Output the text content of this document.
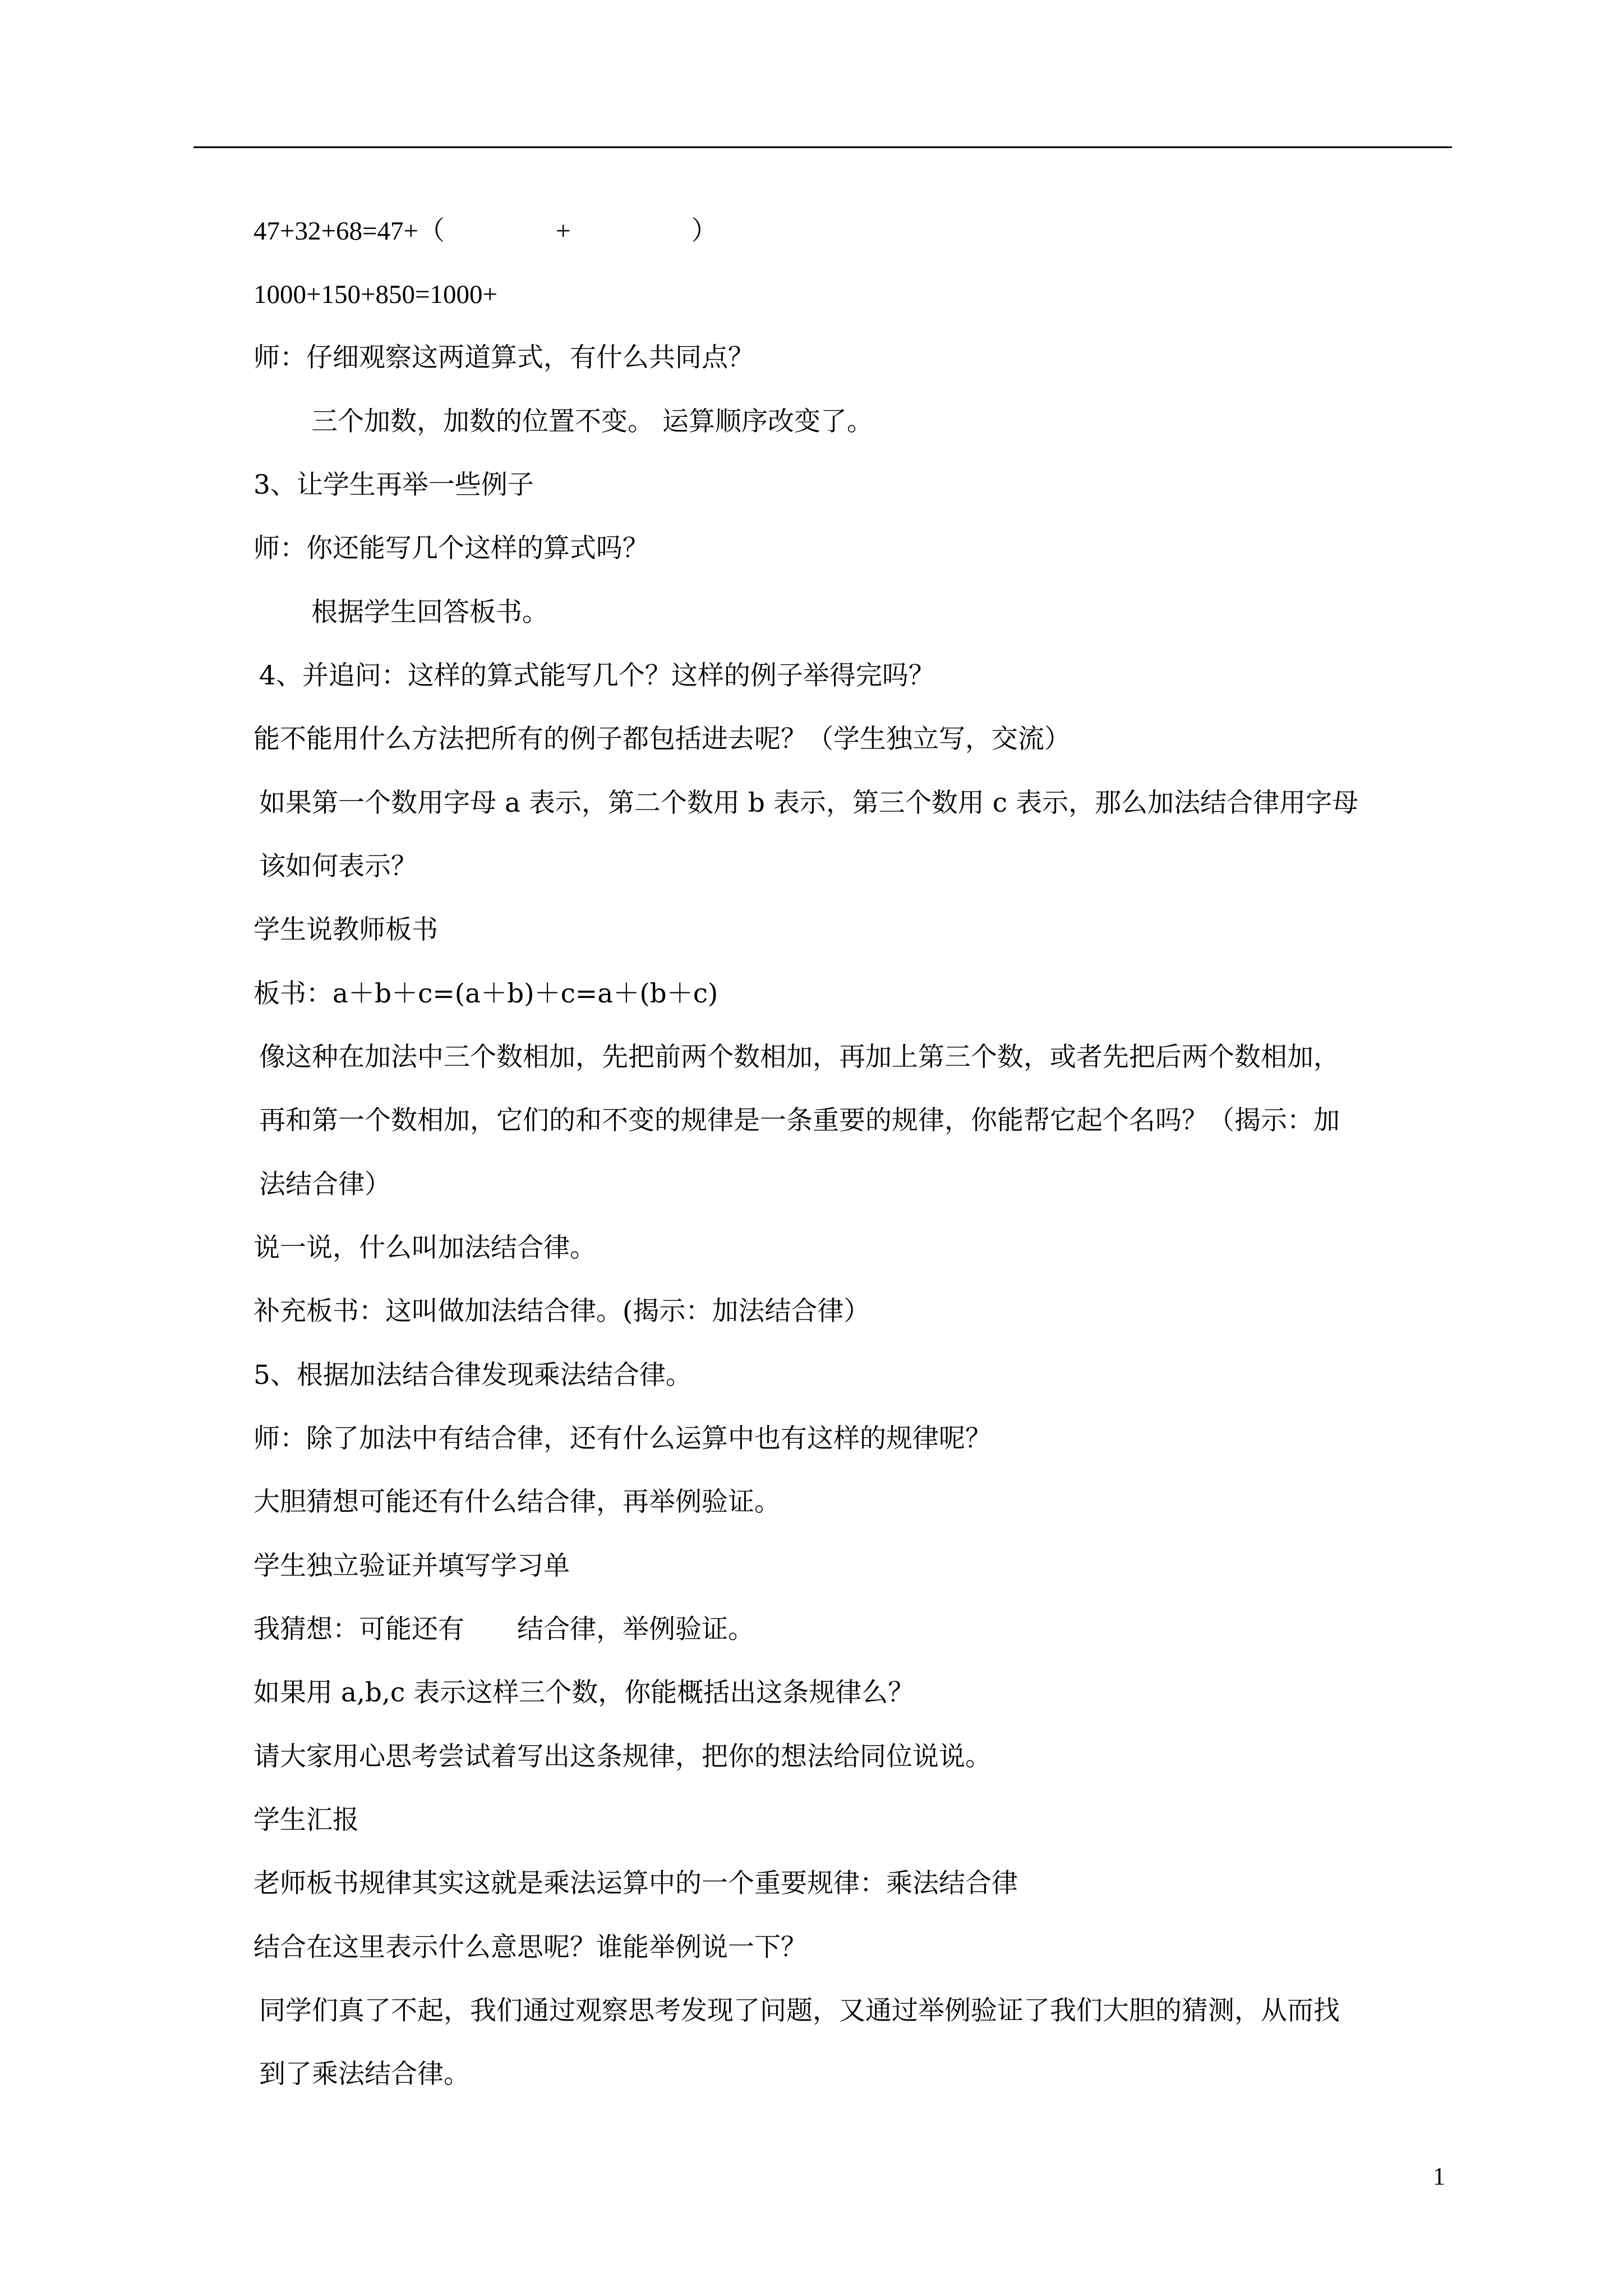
47+32+68=47+（	+	）
1000+150+850=1000+
师：仔细观察这两道算式，有什么共同点？
三个加数，加数的位置不变。 运算顺序改变了。
3、让学生再举一些例子
师：你还能写几个这样的算式吗？
根据学生回答板书。
4、并追问：这样的算式能写几个？这样的例子举得完吗？
能不能用什么方法把所有的例子都包括进去呢？（学生独立写，交流）
如果第一个数用字母 a 表示，第二个数用 b 表示，第三个数用 c 表示，那么加法结合律用字母
该如何表示？
学生说教师板书
板书：a＋b＋c=(a＋b)＋c=a＋(b＋c)
像这种在加法中三个数相加，先把前两个数相加，再加上第三个数，或者先把后两个数相加，
再和第一个数相加，它们的和不变的规律是一条重要的规律，你能帮它起个名吗？（揭示：加
法结合律）
说一说，什么叫加法结合律。
补充板书：这叫做加法结合律。(揭示：加法结合律）
5、根据加法结合律发现乘法结合律。
师：除了加法中有结合律，还有什么运算中也有这样的规律呢？
大胆猜想可能还有什么结合律，再举例验证。
学生独立验证并填写学习单
我猜想：可能还有　　结合律，举例验证。
如果用 a,b,c 表示这样三个数，你能概括出这条规律么？
请大家用心思考尝试着写出这条规律，把你的想法给同位说说。
学生汇报
老师板书规律其实这就是乘法运算中的一个重要规律：乘法结合律
结合在这里表示什么意思呢？谁能举例说一下？
同学们真了不起，我们通过观察思考发现了问题，又通过举例验证了我们大胆的猜测，从而找
到了乘法结合律。
1
